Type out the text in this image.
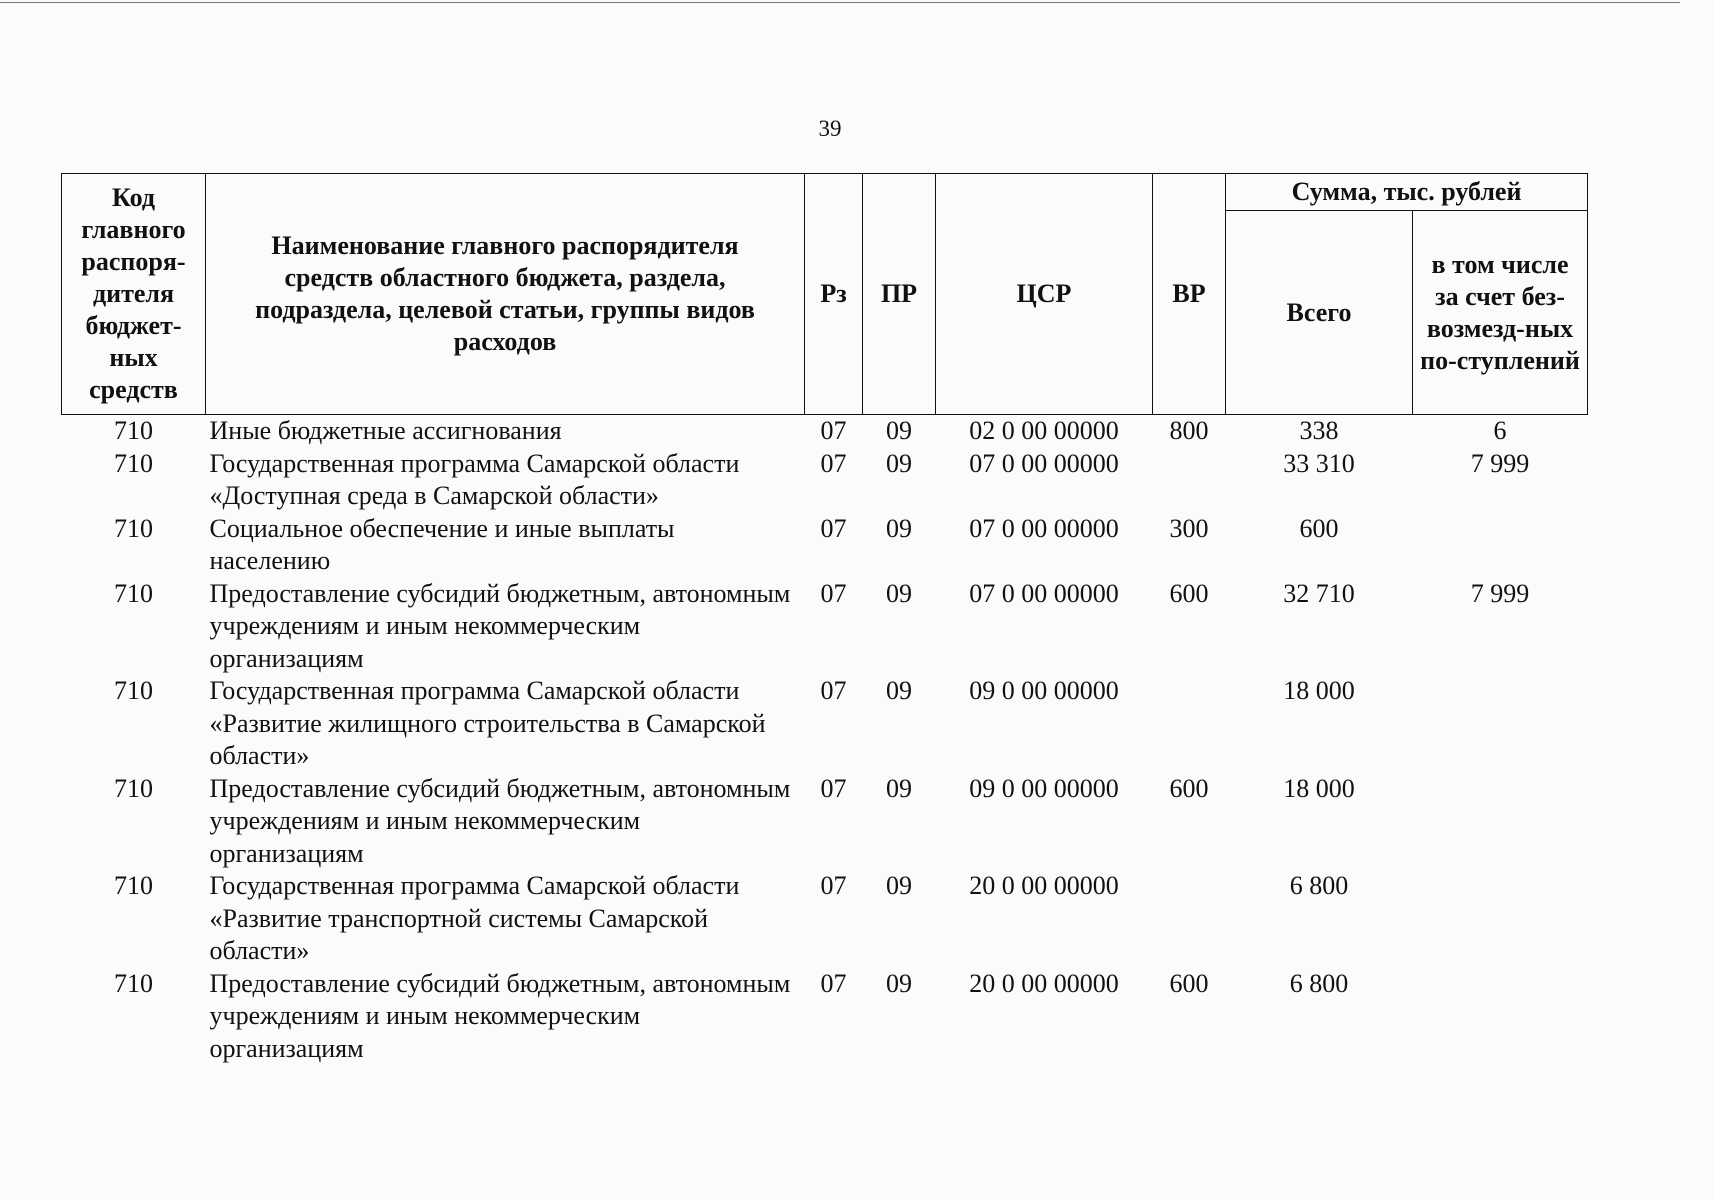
39
Код главного распоря-дителя бюджет-ных средств	Наименование главного распорядителя средств областного бюджета, раздела, подраздела, целевой статьи, группы видов расходов	Рз	ПР	ЦСР	ВР	Сумма, тыс. рублей	
						Всего	в том числе за счет без-возмезд-ных по-ступлений
710	Иные бюджетные ассигнования	07	09	02 0 00 00000	800	338	6
710	Государственная программа Самарской области «Доступная среда в Самарской области»	07	09	07 0 00 00000		33 310	7 999
710	Социальное обеспечение и иные выплаты населению	07	09	07 0 00 00000	300	600	
710	Предоставление субсидий бюджетным, автономным учреждениям и иным некоммерческим организациям	07	09	07 0 00 00000	600	32 710	7 999
710	Государственная программа Самарской области «Развитие жилищного строительства в Самарской области»	07	09	09 0 00 00000		18 000	
710	Предоставление субсидий бюджетным, автономным учреждениям и иным некоммерческим организациям	07	09	09 0 00 00000	600	18 000	
710	Государственная программа Самарской области «Развитие транспортной системы Самарской области»	07	09	20 0 00 00000		6 800	
710	Предоставление субсидий бюджетным, автономным учреждениям и иным некоммерческим организациям	07	09	20 0 00 00000	600	6 800	
